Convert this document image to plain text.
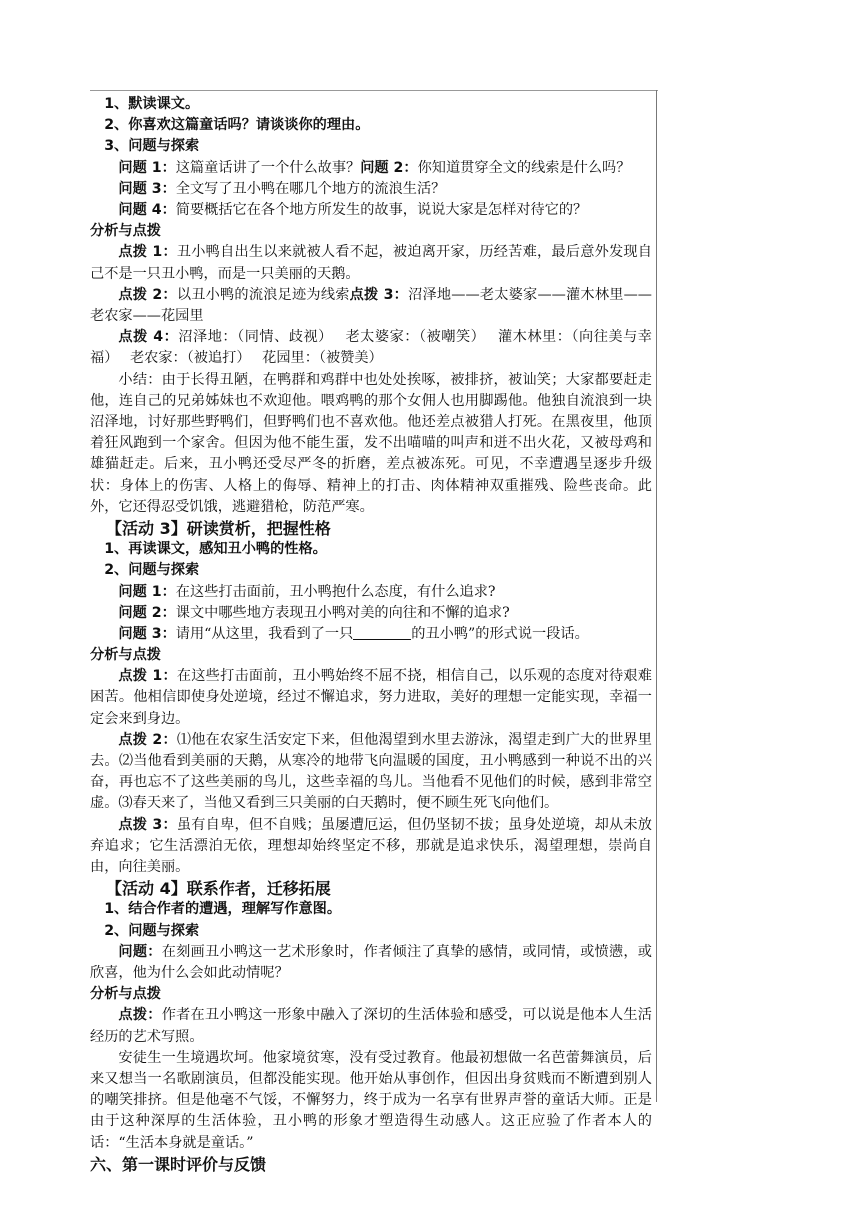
1、默读课文。
2、你喜欢这篇童话吗？请谈谈你的理由。
3、问题与探索
问题 1：这篇童话讲了一个什么故事？问题 2：你知道贯穿全文的线索是什么吗？
问题 3：全文写了丑小鸭在哪几个地方的流浪生活？
问题 4：简要概括它在各个地方所发生的故事，说说大家是怎样对待它的？
分析与点拨

点拨 1：丑小鸭自出生以来就被人看不起，被迫离开家，历经苦难，最后意外发现自己不是一只丑小鸭，而是一只美丽的天鹅。

点拨 2：以丑小鸭的流浪足迹为线索点拨 3：沼泽地——老太婆家——灌木林里——老农家——花园里

点拨 4：沼泽地：（同情、歧视）　 老太婆家：（被嘲笑）　 灌木林里：（向往美与幸福）　 老农家：（被追打）　 花园里：（被赞美）

小结：由于长得丑陋，在鸭群和鸡群中也处处挨啄，被排挤，被讪笑；大家都要赶走他，连自己的兄弟姊妹也不欢迎他。喂鸡鸭的那个女佣人也用脚踢他。他独自流浪到一块沼泽地，讨好那些野鸭们，但野鸭们也不喜欢他。他还差点被猎人打死。在黑夜里，他顶着狂风跑到一个家舍。但因为他不能生蛋，发不出喵喵的叫声和迸不出火花，又被母鸡和雄猫赶走。后来，丑小鸭还受尽严冬的折磨，差点被冻死。可见，不幸遭遇呈逐步升级状：身体上的伤害、人格上的侮辱、精神上的打击、肉体精神双重摧残、险些丧命。此外，它还得忍受饥饿，逃避猎枪，防范严寒。

【活动 3】研读赏析，把握性格
1、再读课文，感知丑小鸭的性格。
2、问题与探索
问题 1：在这些打击面前，丑小鸭抱什么态度，有什么追求?
问题 2：课文中哪些地方表现丑小鸭对美的向往和不懈的追求?
问题 3：请用“从这里，我看到了一只	的丑小鸭”的形式说一段话。
分析与点拨

点拨 1：在这些打击面前，丑小鸭始终不屈不挠，相信自己，以乐观的态度对待艰难困苦。他相信即使身处逆境，经过不懈追求，努力进取，美好的理想一定能实现，幸福一定会来到身边。

点拨 2：⑴他在农家生活安定下来，但他渴望到水里去游泳，渴望走到广大的世界里去。⑵当他看到美丽的天鹅，从寒冷的地带飞向温暖的国度，丑小鸭感到一种说不出的兴奋，再也忘不了这些美丽的鸟儿，这些幸福的鸟儿。当他看不见他们的时候，感到非常空虚。⑶春天来了，当他又看到三只美丽的白天鹅时，便不顾生死飞向他们。

点拨 3：虽有自卑，但不自贱；虽屡遭厄运，但仍坚韧不拔；虽身处逆境，却从未放弃追求；它生活漂泊无依，理想却始终坚定不移，那就是追求快乐，渴望理想，崇尚自由，向往美丽。

【活动 4】联系作者，迁移拓展
1、结合作者的遭遇，理解写作意图。
2、问题与探索

问题：在刻画丑小鸭这一艺术形象时，作者倾注了真挚的感情，或同情，或愤懑，或欣喜，他为什么会如此动情呢？

分析与点拨

点拨：作者在丑小鸭这一形象中融入了深切的生活体验和感受，可以说是他本人生活经历的艺术写照。

安徒生一生境遇坎坷。他家境贫寒，没有受过教育。他最初想做一名芭蕾舞演员，后来又想当一名歌剧演员，但都没能实现。他开始从事创作，但因出身贫贱而不断遭到别人的嘲笑排挤。但是他毫不气馁，不懈努力，终于成为一名享有世界声誉的童话大师。正是由于这种深厚的生活体验，丑小鸭的形象才塑造得生动感人。这正应验了作者本人的话：“生活本身就是童话。”

六、第一课时评价与反馈
